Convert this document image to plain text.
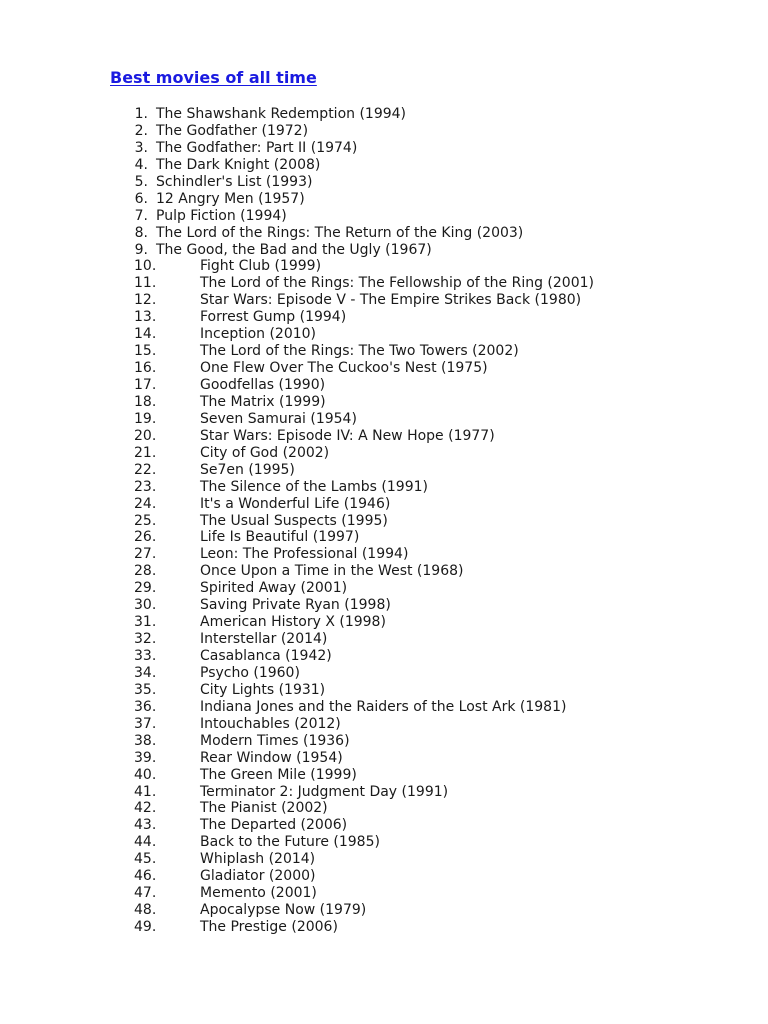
Best movies of all time
1. The Shawshank Redemption (1994)
2. The Godfather (1972)
3. The Godfather: Part II (1974)
4. The Dark Knight (2008)
5. Schindler's List (1993)
6. 12 Angry Men (1957)
7. Pulp Fiction (1994)
8. The Lord of the Rings: The Return of the King (2003)
9. The Good, the Bad and the Ugly (1967)
10.	Fight Club (1999)
11.	The Lord of the Rings: The Fellowship of the Ring (2001)
12.	Star Wars: Episode V - The Empire Strikes Back (1980)
13.	Forrest Gump (1994)
14.	Inception (2010)
15.	The Lord of the Rings: The Two Towers (2002)
16.	One Flew Over The Cuckoo's Nest (1975)
17.	Goodfellas (1990)
18.	The Matrix (1999)
19.	Seven Samurai (1954)
20.	Star Wars: Episode IV: A New Hope (1977)
21.	City of God (2002)
22.	Se7en (1995)
23.	The Silence of the Lambs (1991)
24.	It's a Wonderful Life (1946)
25.	The Usual Suspects (1995)
26.	Life Is Beautiful (1997)
27.	Leon: The Professional (1994)
28.	Once Upon a Time in the West (1968)
29.	Spirited Away (2001)
30.	Saving Private Ryan (1998)
31.	American History X (1998)
32.	Interstellar (2014)
33.	Casablanca (1942)
34.	Psycho (1960)
35.	City Lights (1931)
36.	Indiana Jones and the Raiders of the Lost Ark (1981)
37.	Intouchables (2012)
38.	Modern Times (1936)
39.	Rear Window (1954)
40.	The Green Mile (1999)
41.	Terminator 2: Judgment Day (1991)
42.	The Pianist (2002)
43.	The Departed (2006)
44.	Back to the Future (1985)
45.	Whiplash (2014)
46.	Gladiator (2000)
47.	Memento (2001)
48.	Apocalypse Now (1979)
49.	The Prestige (2006)
